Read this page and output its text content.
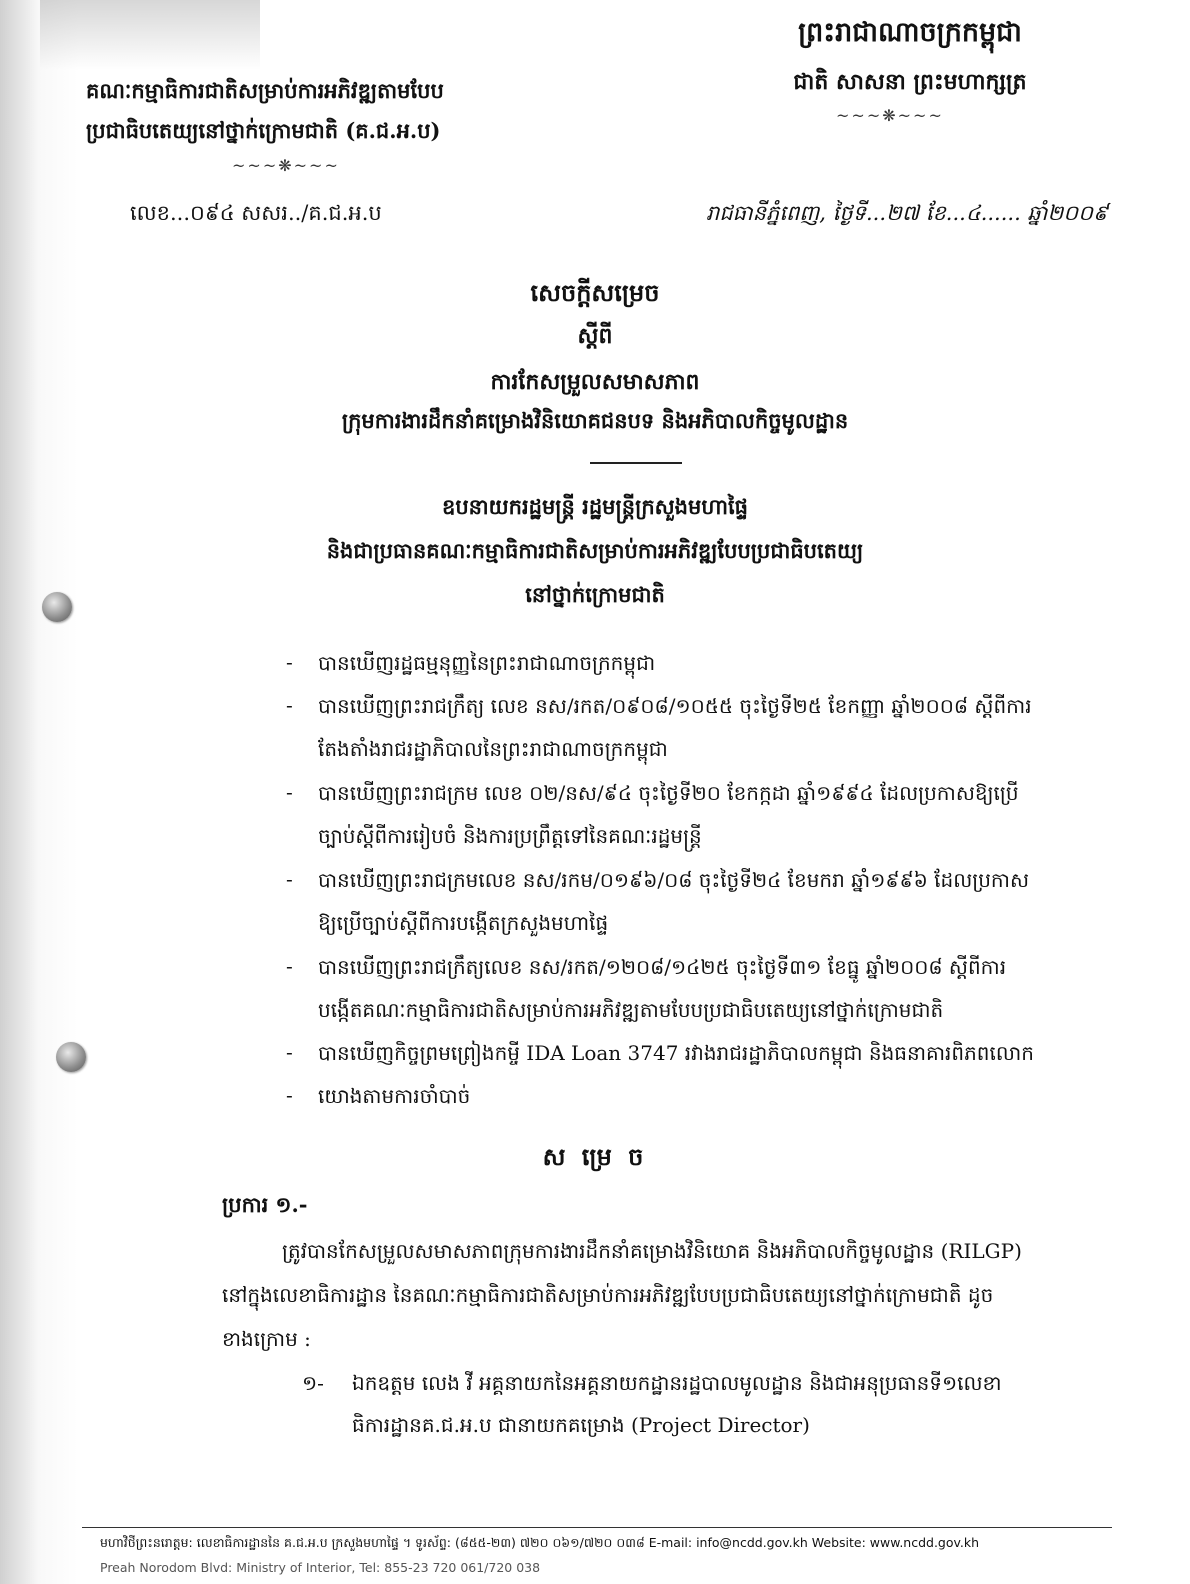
ព្រះរាជាណាចក្រកម្ពុជា
ជាតិ សាសនា ព្រះមហាក្សត្រ
~~~❋~~~
គណៈកម្មាធិការជាតិសម្រាប់ការអភិវឌ្ឍតាមបែប
ប្រជាធិបតេយ្យនៅថ្នាក់ក្រោមជាតិ (គ.ជ.អ.ប)
~~~❋~~~
លេខ...០៩៤ សសរ../គ.ជ.អ.ប	រាជធានីភ្នំពេញ, ថ្ងៃទី...២៧ ខែ...៤...... ឆ្នាំ២០០៩
សេចក្តីសម្រេច
ស្តីពី
ការកែសម្រួលសមាសភាព
ក្រុមការងារដឹកនាំគម្រោងវិនិយោគជនបទ និងអភិបាលកិច្ចមូលដ្ឋាន
ឧបនាយករដ្ឋមន្ត្រី រដ្ឋមន្ត្រីក្រសួងមហាផ្ទៃ
និងជាប្រធានគណៈកម្មាធិការជាតិសម្រាប់ការអភិវឌ្ឍបែបប្រជាធិបតេយ្យ
នៅថ្នាក់ក្រោមជាតិ
- បានឃើញរដ្ឋធម្មនុញ្ញនៃព្រះរាជាណាចក្រកម្ពុជា
- បានឃើញព្រះរាជក្រឹត្យ លេខ នស/រកត/០៩០៨/១០៥៥ ចុះថ្ងៃទី២៥ ខែកញ្ញា ឆ្នាំ២០០៨ ស្តីពីការ
តែងតាំងរាជរដ្ឋាភិបាលនៃព្រះរាជាណាចក្រកម្ពុជា
- បានឃើញព្រះរាជក្រម លេខ ០២/នស/៩៤ ចុះថ្ងៃទី២០ ខែកក្កដា ឆ្នាំ១៩៩៤ ដែលប្រកាសឱ្យប្រើ
ច្បាប់ស្តីពីការរៀបចំ និងការប្រព្រឹត្តទៅនៃគណៈរដ្ឋមន្ត្រី
- បានឃើញព្រះរាជក្រមលេខ នស/រកម/០១៩៦/០៨ ចុះថ្ងៃទី២៤ ខែមករា ឆ្នាំ១៩៩៦ ដែលប្រកាស
ឱ្យប្រើច្បាប់ស្តីពីការបង្កើតក្រសួងមហាផ្ទៃ
- បានឃើញព្រះរាជក្រឹត្យលេខ នស/រកត/១២០៨/១៤២៥ ចុះថ្ងៃទី៣១ ខែធ្នូ ឆ្នាំ២០០៨ ស្តីពីការ
បង្កើតគណៈកម្មាធិការជាតិសម្រាប់ការអភិវឌ្ឍតាមបែបប្រជាធិបតេយ្យនៅថ្នាក់ក្រោមជាតិ
- បានឃើញកិច្ចព្រមព្រៀងកម្ចី IDA Loan 3747 រវាងរាជរដ្ឋាភិបាលកម្ពុជា និងធនាគារពិភពលោក
- យោងតាមការចាំបាច់
ស ម្រេ ច
ប្រការ ១.-
ត្រូវបានកែសម្រួលសមាសភាពក្រុមការងារដឹកនាំគម្រោងវិនិយោគ និងអភិបាលកិច្ចមូលដ្ឋាន (RILGP)
នៅក្នុងលេខាធិការដ្ឋាន នៃគណៈកម្មាធិការជាតិសម្រាប់ការអភិវឌ្ឍបែបប្រជាធិបតេយ្យនៅថ្នាក់ក្រោមជាតិ ដូច
ខាងក្រោម :
១- ឯកឧត្តម លេង វី អគ្គនាយកនៃអគ្គនាយកដ្ឋានរដ្ឋបាលមូលដ្ឋាន និងជាអនុប្រធានទី១លេខា
ធិការដ្ឋានគ.ជ.អ.ប ជានាយកគម្រោង (Project Director)
មហាវិថីព្រះនរោត្តម: លេខាធិការដ្ឋាននៃ គ.ជ.អ.ប ក្រសួងមហាផ្ទៃ ។ ទូរស័ព្ទ: (៨៥៥-២៣) ៧២០ ០៦១/៧២០ ០៣៨ E-mail: info@ncdd.gov.kh Website: www.ncdd.gov.kh
Preah Norodom Blvd: Ministry of Interior, Tel: 855-23 720 061/720 038
